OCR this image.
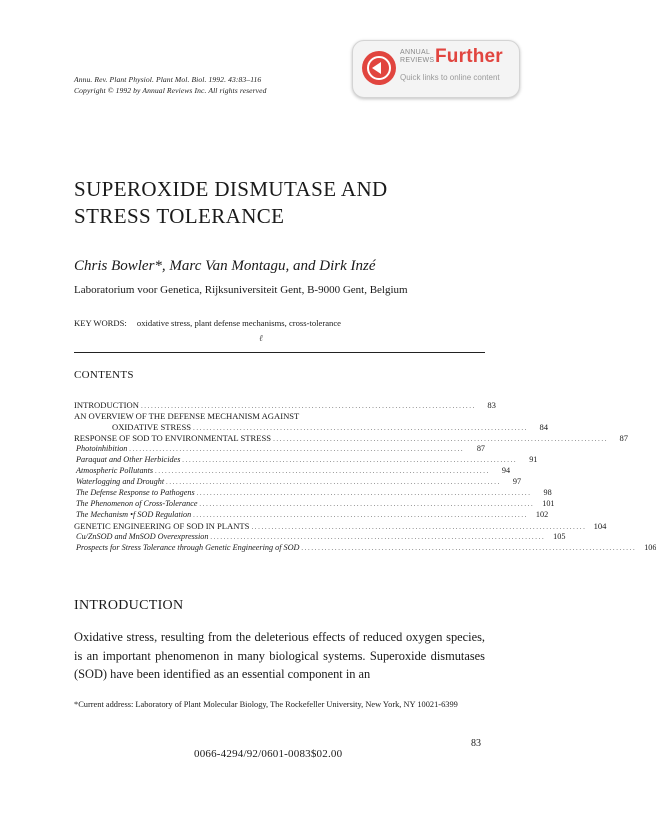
Annu. Rev. Plant Physiol. Plant Mol. Biol. 1992. 43:83–116
Copyright © 1992 by Annual Reviews Inc. All rights reserved
ANNUAL
REVIEWS Further
Quick links to online content
SUPEROXIDE DISMUTASE AND
STRESS TOLERANCE
Chris Bowler*, Marc Van Montagu, and Dirk Inzé
Laboratorium voor Genetica, Rijksuniversiteit Gent, B-9000 Gent, Belgium
KEY WORDS: oxidative stress, plant defense mechanisms, cross-tolerance
ℓ
CONTENTS
INTRODUCTION ....................................................................................................	83
AN OVERVIEW OF THE DEFENSE MECHANISM AGAINST
OXIDATIVE STRESS ....................................................................................................	84
RESPONSE OF SOD TO ENVIRONMENTAL STRESS ....................................................................................................	87
Photoinhibition ....................................................................................................	87
Paraquat and Other Herbicides ....................................................................................................	91
Atmospheric Pollutants ....................................................................................................	94
Waterlogging and Drought ....................................................................................................	97
The Defense Response to Pathogens ....................................................................................................	98
The Phenomenon of Cross-Tolerance .................................................................................................... 101
The Mechanism •f SOD Regulation .................................................................................................... 102
GENETIC ENGINEERING OF SOD IN PLANTS .................................................................................................... 104
Cu/ZnSOD and MnSOD Overexpression .................................................................................................... 105
Prospects for Stress Tolerance through Genetic Engineering of SOD .................................................................................................... 106
INTRODUCTION
Oxidative stress, resulting from the deleterious effects of reduced oxygen species, is an important phenomenon in many biological systems. Superoxide dismutases (SOD) have been identified as an essential component in an
*Current address: Laboratory of Plant Molecular Biology, The Rockefeller University, New York, NY 10021-6399
83
0066-4294/92/0601-0083$02.00
